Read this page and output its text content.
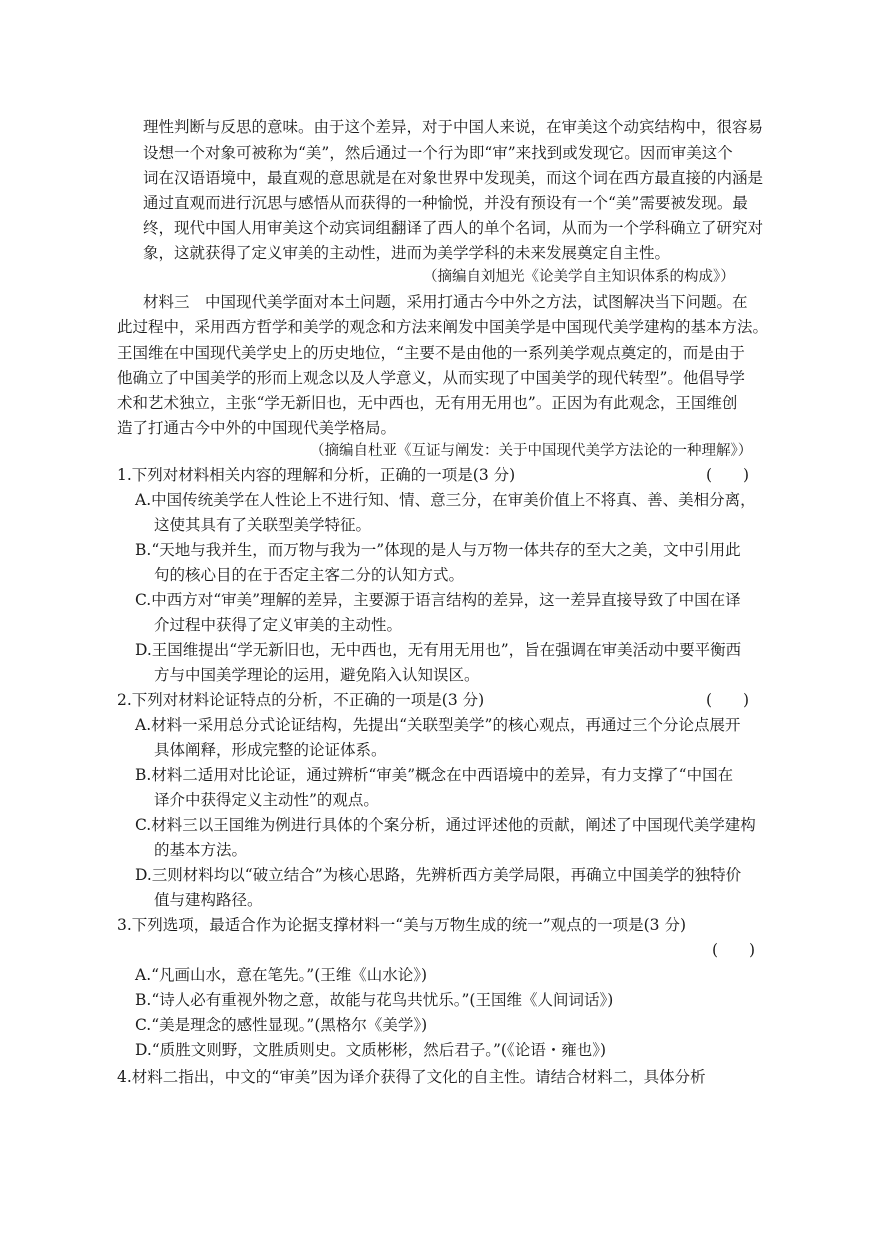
理性判断与反思的意味。由于这个差异，对于中国人来说，在审美这个动宾结构中，很容易
设想一个对象可被称为“美”，然后通过一个行为即“审”来找到或发现它。因而审美这个
词在汉语语境中，最直观的意思就是在对象世界中发现美，而这个词在西方最直接的内涵是
通过直观而进行沉思与感悟从而获得的一种愉悦，并没有预设有一个“美”需要被发现。最
终，现代中国人用审美这个动宾词组翻译了西人的单个名词，从而为一个学科确立了研究对
象，这就获得了定义审美的主动性，进而为美学学科的未来发展奠定自主性。
（摘编自刘旭光《论美学自主知识体系的构成》）
材料三　中国现代美学面对本土问题，采用打通古今中外之方法，试图解决当下问题。在
此过程中，采用西方哲学和美学的观念和方法来阐发中国美学是中国现代美学建构的基本方法。
王国维在中国现代美学史上的历史地位，“主要不是由他的一系列美学观点奠定的，而是由于
他确立了中国美学的形而上观念以及人学意义，从而实现了中国美学的现代转型”。他倡导学
术和艺术独立，主张“学无新旧也，无中西也，无有用无用也”。正因为有此观念，王国维创
造了打通古今中外的中国现代美学格局。
（摘编自杜亚《互证与阐发：关于中国现代美学方法论的一种理解》）
1.下列对材料相关内容的理解和分析，正确的一项是(3 分)	(　　)
A.中国传统美学在人性论上不进行知、情、意三分，在审美价值上不将真、善、美相分离，
这使其具有了关联型美学特征。
B.“天地与我并生，而万物与我为一”体现的是人与万物一体共存的至大之美，文中引用此
句的核心目的在于否定主客二分的认知方式。
C.中西方对“审美”理解的差异，主要源于语言结构的差异，这一差异直接导致了中国在译
介过程中获得了定义审美的主动性。
D.王国维提出“学无新旧也，无中西也，无有用无用也”，旨在强调在审美活动中要平衡西
方与中国美学理论的运用，避免陷入认知误区。
2.下列对材料论证特点的分析，不正确的一项是(3 分)	(　　)
A.材料一采用总分式论证结构，先提出“关联型美学”的核心观点，再通过三个分论点展开
具体阐释，形成完整的论证体系。
B.材料二适用对比论证，通过辨析“审美”概念在中西语境中的差异，有力支撑了“中国在
译介中获得定义主动性”的观点。
C.材料三以王国维为例进行具体的个案分析，通过评述他的贡献，阐述了中国现代美学建构
的基本方法。
D.三则材料均以“破立结合”为核心思路，先辨析西方美学局限，再确立中国美学的独特价
值与建构路径。
3.下列选项，最适合作为论据支撑材料一“美与万物生成的统一”观点的一项是(3 分)
(　　)
A.“凡画山水，意在笔先。”(王维《山水论》)
B.“诗人必有重视外物之意，故能与花鸟共忧乐。”(王国维《人间词话》)
C.“美是理念的感性显现。”(黑格尔《美学》)
D.“质胜文则野，文胜质则史。文质彬彬，然后君子。”(《论语・雍也》)
4.材料二指出，中文的“审美”因为译介获得了文化的自主性。请结合材料二，具体分析
